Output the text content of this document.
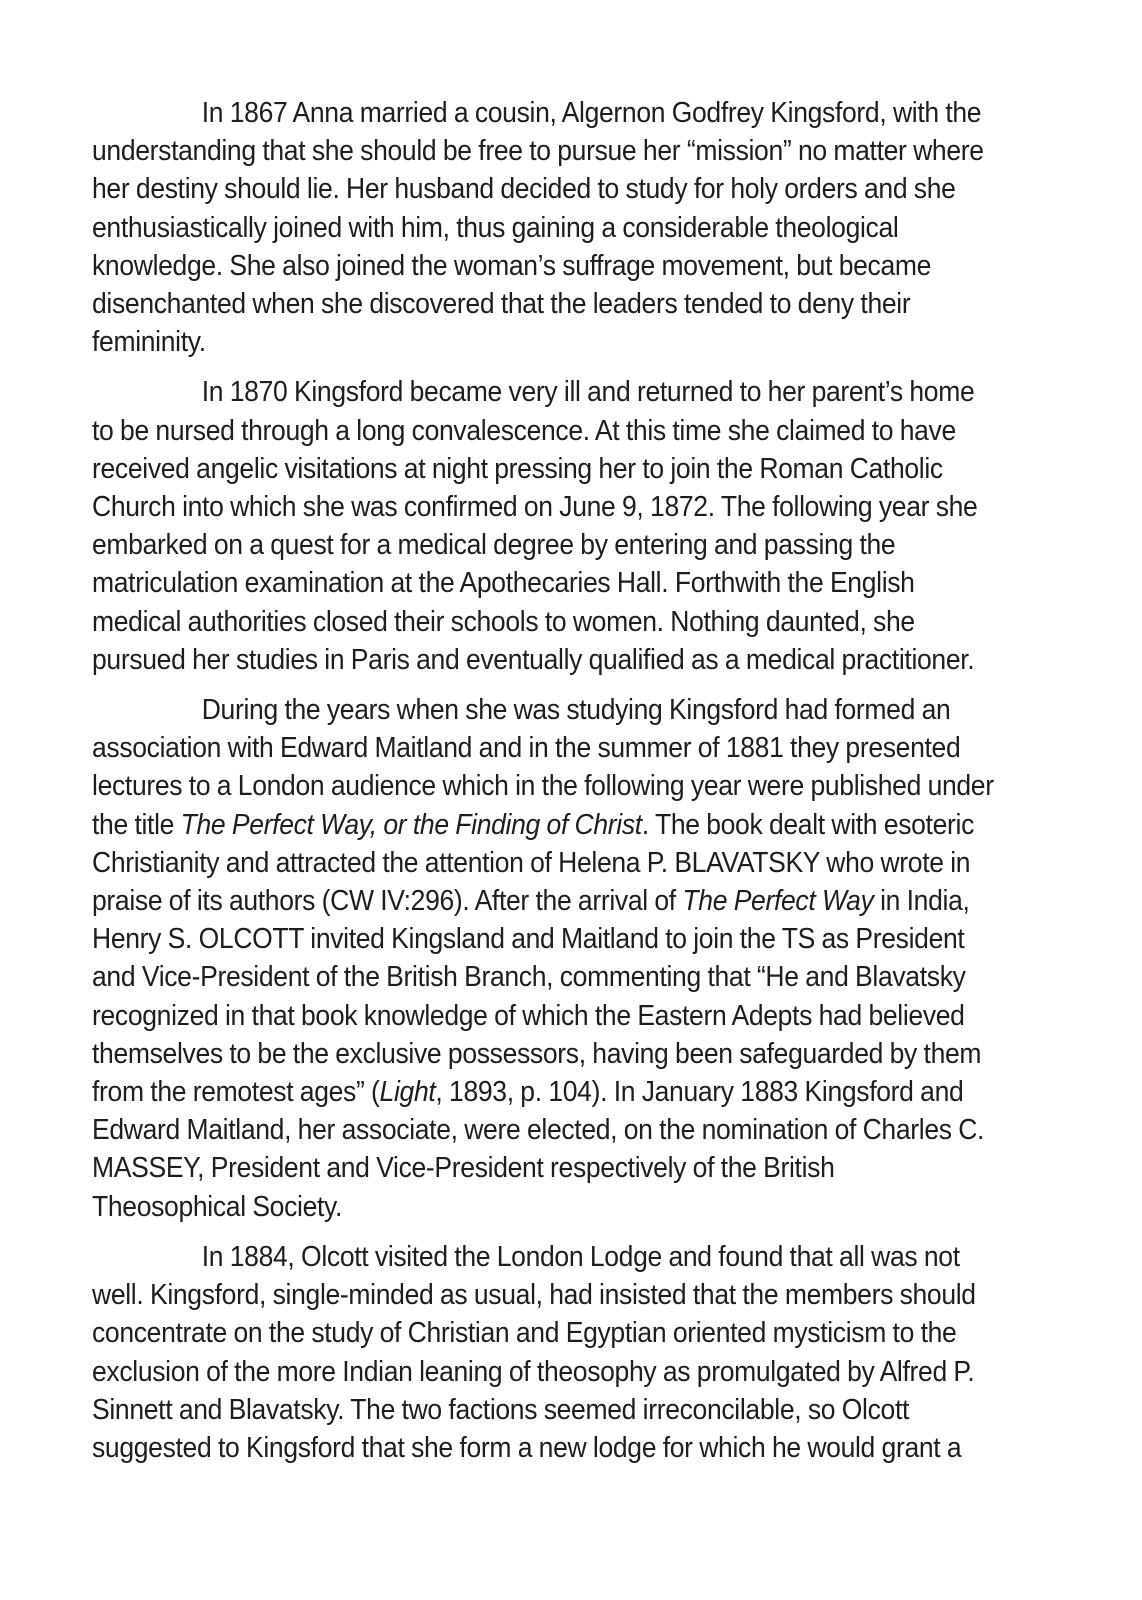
In 1867 Anna married a cousin, Algernon Godfrey Kingsford, with the understanding that she should be free to pursue her “mission” no matter where her destiny should lie. Her husband decided to study for holy orders and she enthusiastically joined with him, thus gaining a considerable theological knowledge. She also joined the woman’s suffrage movement, but became disenchanted when she discovered that the leaders tended to deny their femininity.

In 1870 Kingsford became very ill and returned to her parent’s home to be nursed through a long convalescence. At this time she claimed to have received angelic visitations at night pressing her to join the Roman Catholic Church into which she was confirmed on June 9, 1872. The following year she embarked on a quest for a medical degree by entering and passing the matriculation examination at the Apothecaries Hall. Forthwith the English medical authorities closed their schools to women. Nothing daunted, she pursued her studies in Paris and eventually qualified as a medical practitioner.

During the years when she was studying Kingsford had formed an association with Edward Maitland and in the summer of 1881 they presented lectures to a London audience which in the following year were published under the title The Perfect Way, or the Finding of Christ. The book dealt with esoteric Christianity and attracted the attention of Helena P. BLAVATSKY who wrote in praise of its authors (CW IV:296). After the arrival of The Perfect Way in India, Henry S. OLCOTT invited Kingsland and Maitland to join the TS as President and Vice-President of the British Branch, commenting that “He and Blavatsky recognized in that book knowledge of which the Eastern Adepts had believed themselves to be the exclusive possessors, having been safeguarded by them from the remotest ages” (Light, 1893, p. 104). In January 1883 Kingsford and Edward Maitland, her associate, were elected, on the nomination of Charles C. MASSEY, President and Vice-President respectively of the British Theosophical Society.

In 1884, Olcott visited the London Lodge and found that all was not well. Kingsford, single-minded as usual, had insisted that the members should concentrate on the study of Christian and Egyptian oriented mysticism to the exclusion of the more Indian leaning of theosophy as promulgated by Alfred P. Sinnett and Blavatsky. The two factions seemed irreconcilable, so Olcott suggested to Kingsford that she form a new lodge for which he would grant a
